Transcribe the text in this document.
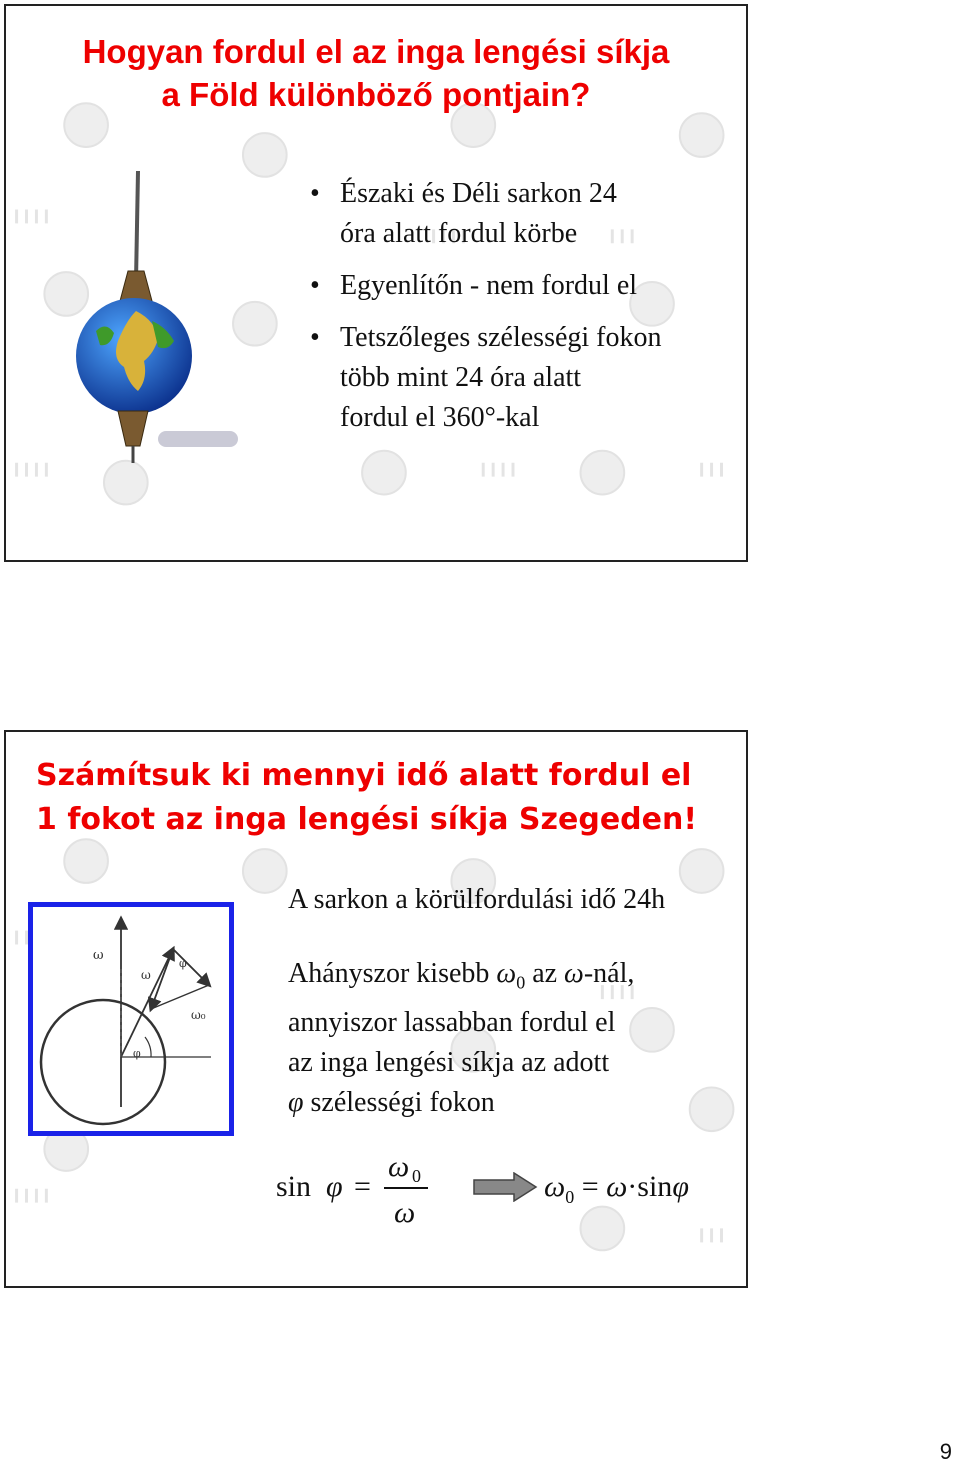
Hogyan fordul el az inga lengési síkja
a Föld különböző pontjain?
• Északi és Déli sarkon 24
óra alatt fordul körbe
• Egyenlítőn - nem fordul el
• Tetszőleges szélességi fokon
több mint 24 óra alatt
fordul el 360°-kal
Számítsuk ki mennyi idő alatt fordul el
1 fokot az inga lengési síkja Szegeden!
ω
φ
φ
ω₀
ω
A sarkon a körülfordulási idő 24h
Ahányszor kisebb $\omega_0$ az ω-nál,
annyiszor lassabban fordul el
az inga lengési síkja az adott
φ szélességi fokon
sin φ =
ω 0
ω
$\omega_0 = \omega\cdot\sin\varphi$
9
